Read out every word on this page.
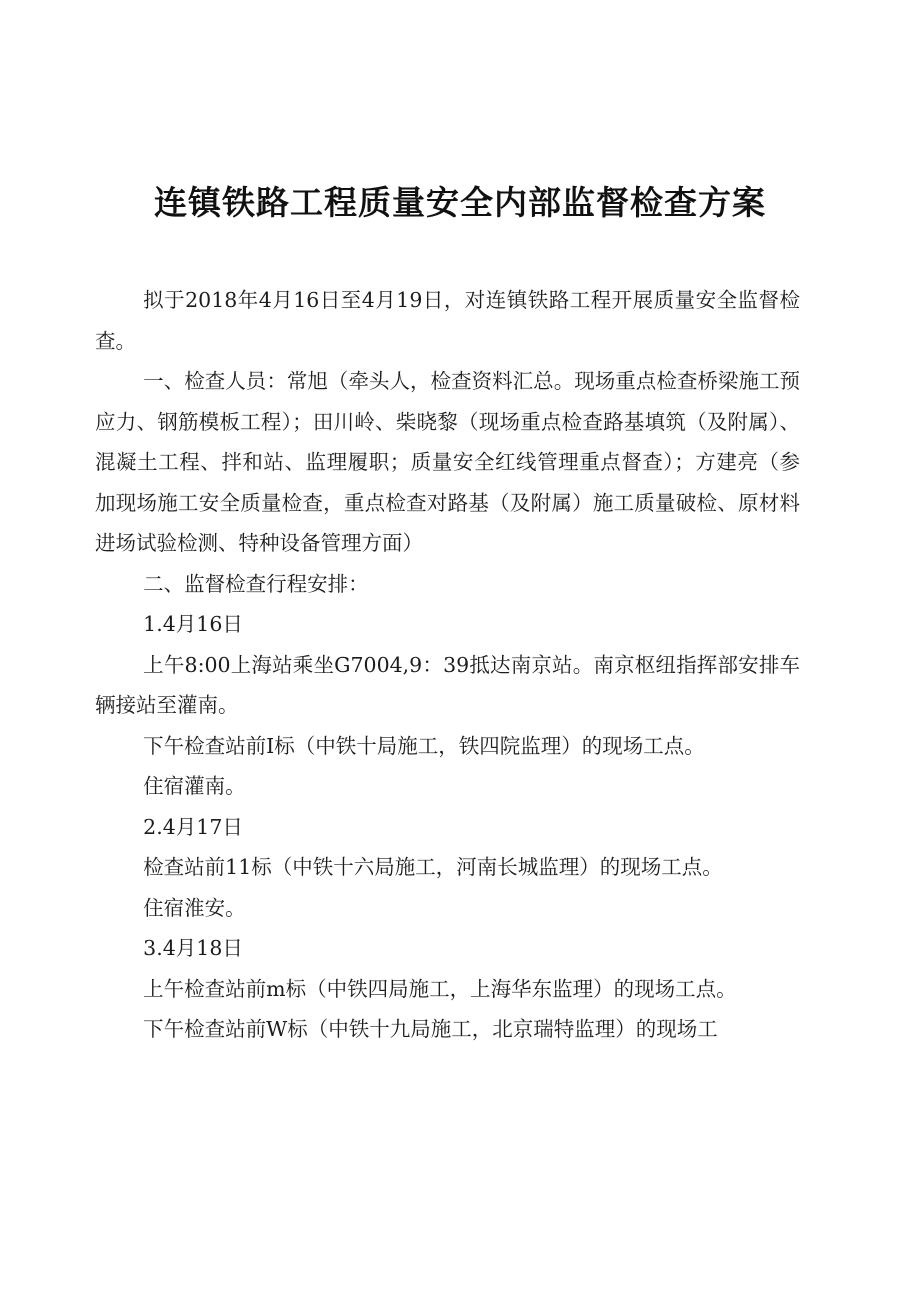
连镇铁路工程质量安全内部监督检查方案

拟于2018年4月16日至4月19日，对连镇铁路工程开展质量安全监督检查。

一、检查人员：常旭（牵头人，检查资料汇总。现场重点检查桥梁施工预应力、钢筋模板工程）；田川岭、柴晓黎（现场重点检查路基填筑（及附属）、混凝土工程、拌和站、监理履职；质量安全红线管理重点督查）；方建亮（参加现场施工安全质量检查，重点检查对路基（及附属）施工质量破检、原材料进场试验检测、特种设备管理方面）

二、监督检查行程安排：

1.4月16日

上午8:00上海站乘坐G7004,9：39抵达南京站。南京枢纽指挥部安排车辆接站至灌南。

下午检查站前I标（中铁十局施工，铁四院监理）的现场工点。

住宿灌南。

2.4月17日

检查站前11标（中铁十六局施工，河南长城监理）的现场工点。

住宿淮安。

3.4月18日

上午检查站前m标（中铁四局施工，上海华东监理）的现场工点。

下午检查站前W标（中铁十九局施工，北京瑞特监理）的现场工
